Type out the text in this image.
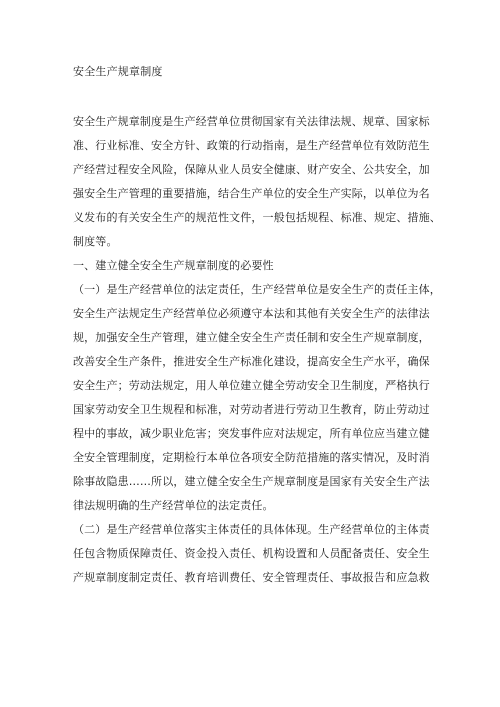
安全生产规章制度
安全生产规章制度是生产经营单位贯彻国家有关法律法规、规章、国家标
准、行业标准、安全方针、政策的行动指南，是生产经营单位有效防范生
产经营过程安全风险，保障从业人员安全健康、财产安全、公共安全，加
强安全生产管理的重要措施，结合生产单位的安全生产实际，以单位为名
义发布的有关安全生产的规范性文件，一般包括规程、标准、规定、措施、
制度等。
一、建立健全安全生产规章制度的必要性
（一）是生产经营单位的法定责任，生产经营单位是安全生产的责任主体，
安全生产法规定生产经营单位必须遵守本法和其他有关安全生产的法律法
规，加强安全生产管理，建立健全安全生产责任制和安全生产规章制度，
改善安全生产条件，推进安全生产标准化建设，提高安全生产水平，确保
安全生产；劳动法规定，用人单位建立健全劳动安全卫生制度，严格执行
国家劳动安全卫生规程和标准，对劳动者进行劳动卫生教育，防止劳动过
程中的事故，减少职业危害；突发事件应对法规定，所有单位应当建立健
全安全管理制度，定期检行本单位各项安全防范措施的落实情况，及时消
除事故隐患……所以，建立健全安全生产规章制度是国家有关安全生产法
律法规明确的生产经营单位的法定责任。
（二）是生产经营单位落实主体责任的具体体现。生产经营单位的主体责
任包含物质保障责任、资金投入责任、机构设置和人员配备责任、安全生
产规章制度制定责任、教育培训费任、安全管理责任、事故报告和应急救
